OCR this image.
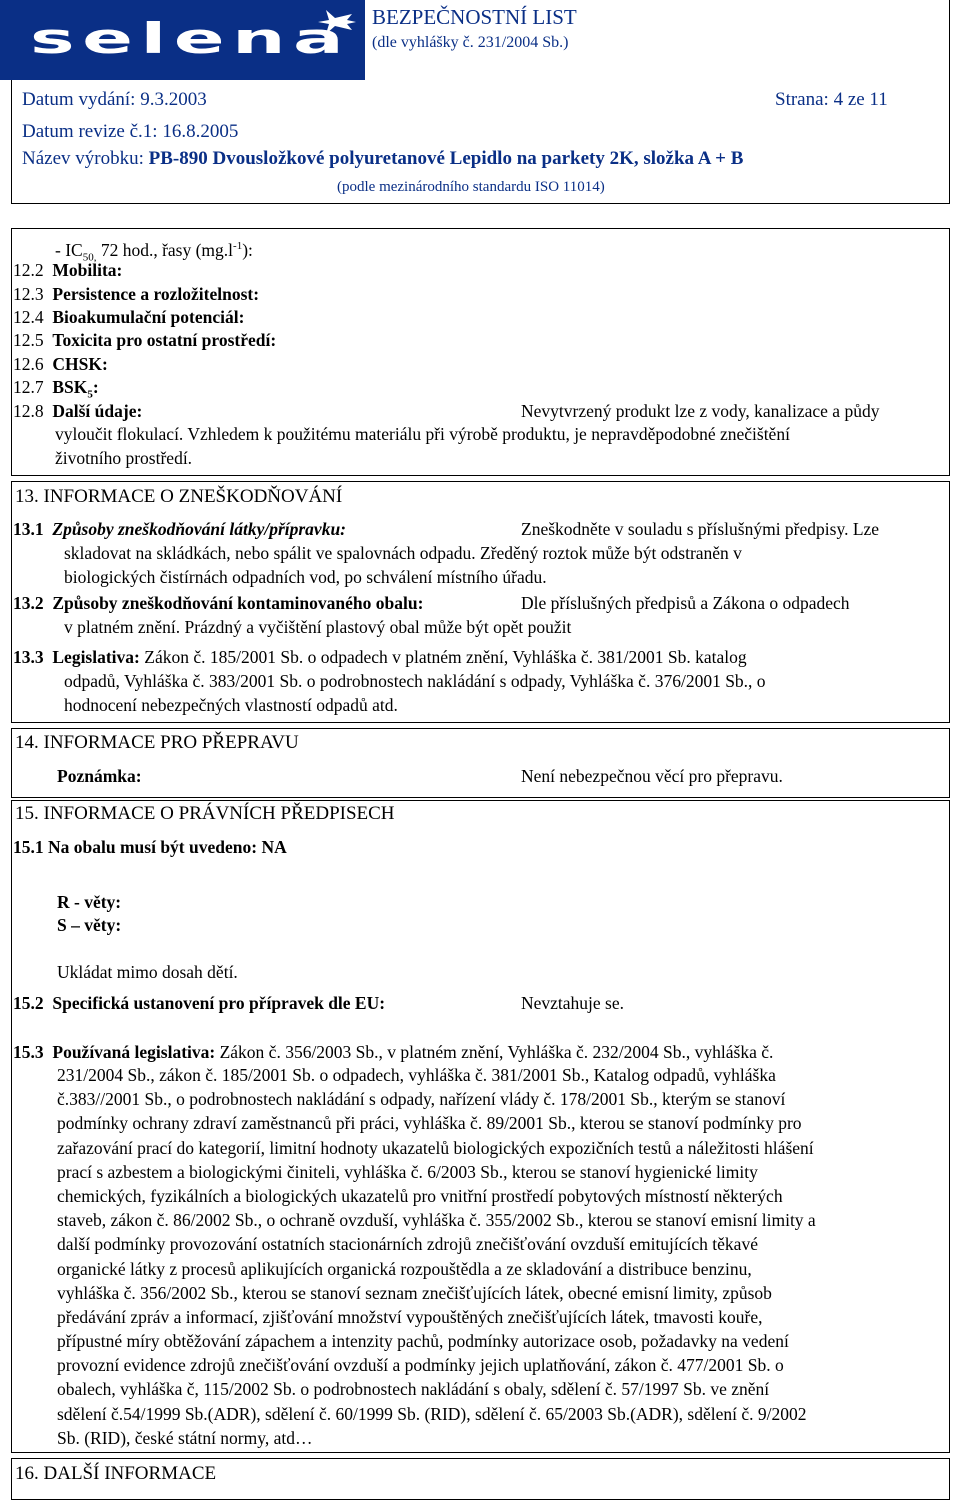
selena BEZPEČNOSTNÍ LIST
(dle vyhlášky č. 231/2004 Sb.)
Datum vydání: 9.3.2003	Strana: 4 ze 11
Datum revize č.1: 16.8.2005
Název výrobku: PB-890 Dvousložkové polyuretanové Lepidlo na parkety 2K, složka A + B
(podle mezinárodního standardu ISO 11014)
- $IC_{50,}$ 72 hod., řasy $(mg.l^{-1})$:
12.2 Mobilita:
12.3 Persistence a rozložitelnost:
12.4 Bioakumulační potenciál:
12.5 Toxicita pro ostatní prostředí:
12.6 CHSK:
12.7 $BSK_5$:
12.8 Další údaje:	Nevytvrzený produkt lze z vody, kanalizace a půdy
vyloučit flokulací. Vzhledem k použitému materiálu při výrobě produktu, je nepravděpodobné znečištění
životního prostředí.
13. INFORMACE O ZNEŠKODŇOVÁNÍ
13.1 Způsoby zneškodňování látky/přípravku:	Zneškodněte v souladu s příslušnými předpisy. Lze
skladovat na skládkách, nebo spálit ve spalovnách odpadu. Zředěný roztok může být odstraněn v
biologických čistírnách odpadních vod, po schválení místního úřadu.
13.2 Způsoby zneškodňování kontaminovaného obalu:	Dle příslušných předpisů a Zákona o odpadech
v platném znění. Prázdný a vyčištění plastový obal může být opět použit
13.3 Legislativa: Zákon č. 185/2001 Sb. o odpadech v platném znění, Vyhláška č. 381/2001 Sb. katalog
odpadů, Vyhláška č. 383/2001 Sb. o podrobnostech nakládání s odpady, Vyhláška č. 376/2001 Sb., o
hodnocení nebezpečných vlastností odpadů atd.
14. INFORMACE PRO PŘEPRAVU
Poznámka:	Není nebezpečnou věcí pro přepravu.
15. INFORMACE O PRÁVNÍCH PŘEDPISECH
15.1 Na obalu musí být uvedeno: NA
R - věty:
S – věty:
Ukládat mimo dosah dětí.
15.2 Specifická ustanovení pro přípravek dle EU:	Nevztahuje se.
15.3 Používaná legislativa: Zákon č. 356/2003 Sb., v platném znění, Vyhláška č. 232/2004 Sb., vyhláška č.
231/2004 Sb., zákon č. 185/2001 Sb. o odpadech, vyhláška č. 381/2001 Sb., Katalog odpadů, vyhláška
č.383//2001 Sb., o podrobnostech nakládání s odpady, nařízení vlády č. 178/2001 Sb., kterým se stanoví
podmínky ochrany zdraví zaměstnanců při práci, vyhláška č. 89/2001 Sb., kterou se stanoví podmínky pro
zařazování prací do kategorií, limitní hodnoty ukazatelů biologických expozičních testů a náležitosti hlášení
prací s azbestem a biologickými činiteli, vyhláška č. 6/2003 Sb., kterou se stanoví hygienické limity
chemických, fyzikálních a biologických ukazatelů pro vnitřní prostředí pobytových místností některých
staveb, zákon č. 86/2002 Sb., o ochraně ovzduší, vyhláška č. 355/2002 Sb., kterou se stanoví emisní limity a
další podmínky provozování ostatních stacionárních zdrojů znečišťování ovzduší emitujících těkavé
organické látky z procesů aplikujících organická rozpouštědla a ze skladování a distribuce benzinu,
vyhláška č. 356/2002 Sb., kterou se stanoví seznam znečišťujících látek, obecné emisní limity, způsob
předávání zpráv a informací, zjišťování množství vypouštěných znečišťujících látek, tmavosti kouře,
přípustné míry obtěžování zápachem a intenzity pachů, podmínky autorizace osob, požadavky na vedení
provozní evidence zdrojů znečišťování ovzduší a podmínky jejich uplatňování, zákon č. 477/2001 Sb. o
obalech, vyhláška č, 115/2002 Sb. o podrobnostech nakládání s obaly, sdělení č. 57/1997 Sb. ve znění
sdělení č.54/1999 Sb.(ADR), sdělení č. 60/1999 Sb. (RID), sdělení č. 65/2003 Sb.(ADR), sdělení č. 9/2002
Sb. (RID), české státní normy, atd…
16. DALŠÍ INFORMACE
